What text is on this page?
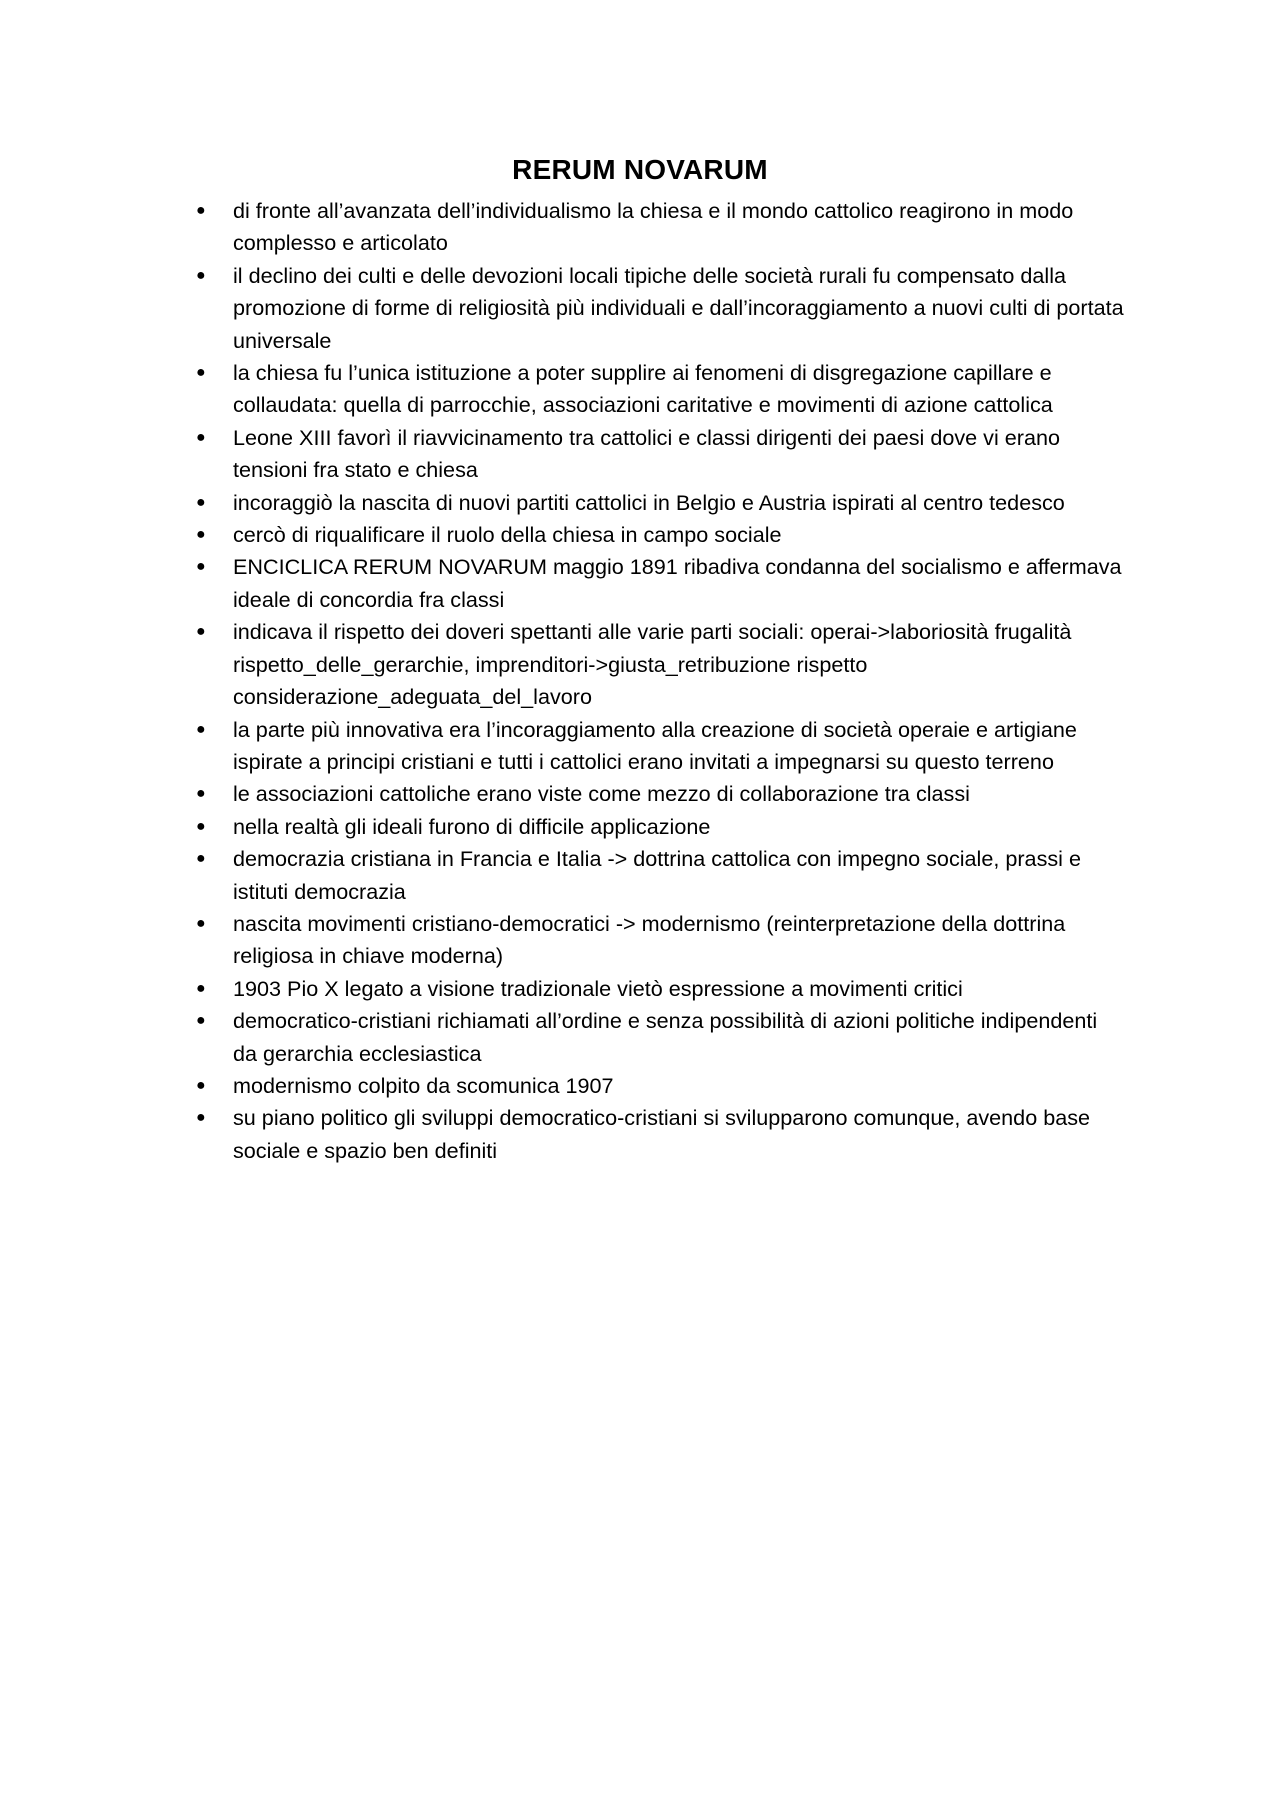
RERUM NOVARUM
●	di fronte all’avanzata dell’individualismo la chiesa e il mondo cattolico reagirono in modo complesso e articolato
●	il declino dei culti e delle devozioni locali tipiche delle società rurali fu compensato dalla promozione di forme di religiosità più individuali e dall’incoraggiamento a nuovi culti di portata universale
●	la chiesa fu l’unica istituzione a poter supplire ai fenomeni di disgregazione capillare e collaudata: quella di parrocchie, associazioni caritative e movimenti di azione cattolica
●	Leone XIII favorì il riavvicinamento tra cattolici e classi dirigenti dei paesi dove vi erano tensioni fra stato e chiesa
●	incoraggiò la nascita di nuovi partiti cattolici in Belgio e Austria ispirati al centro tedesco
●	cercò di riqualificare il ruolo della chiesa in campo sociale
●	ENCICLICA RERUM NOVARUM maggio 1891 ribadiva condanna del socialismo e affermava ideale di concordia fra classi
●	indicava il rispetto dei doveri spettanti alle varie parti sociali: operai->laboriosità frugalità rispetto_delle_gerarchie, imprenditori->giusta_retribuzione rispetto considerazione_adeguata_del_lavoro
●	la parte più innovativa era l’incoraggiamento alla creazione di società operaie e artigiane ispirate a principi cristiani e tutti i cattolici erano invitati a impegnarsi su questo terreno
●	le associazioni cattoliche erano viste come mezzo di collaborazione tra classi
●	nella realtà gli ideali furono di difficile applicazione
●	democrazia cristiana in Francia e Italia -> dottrina cattolica con impegno sociale, prassi e istituti democrazia
●	nascita movimenti cristiano-democratici -> modernismo (reinterpretazione della dottrina religiosa in chiave moderna)
●	1903 Pio X legato a visione tradizionale vietò espressione a movimenti critici
●	democratico-cristiani richiamati all’ordine e senza possibilità di azioni politiche indipendenti da gerarchia ecclesiastica
●	modernismo colpito da scomunica 1907
●	su piano politico gli sviluppi democratico-cristiani si svilupparono comunque, avendo base sociale e spazio ben definiti
